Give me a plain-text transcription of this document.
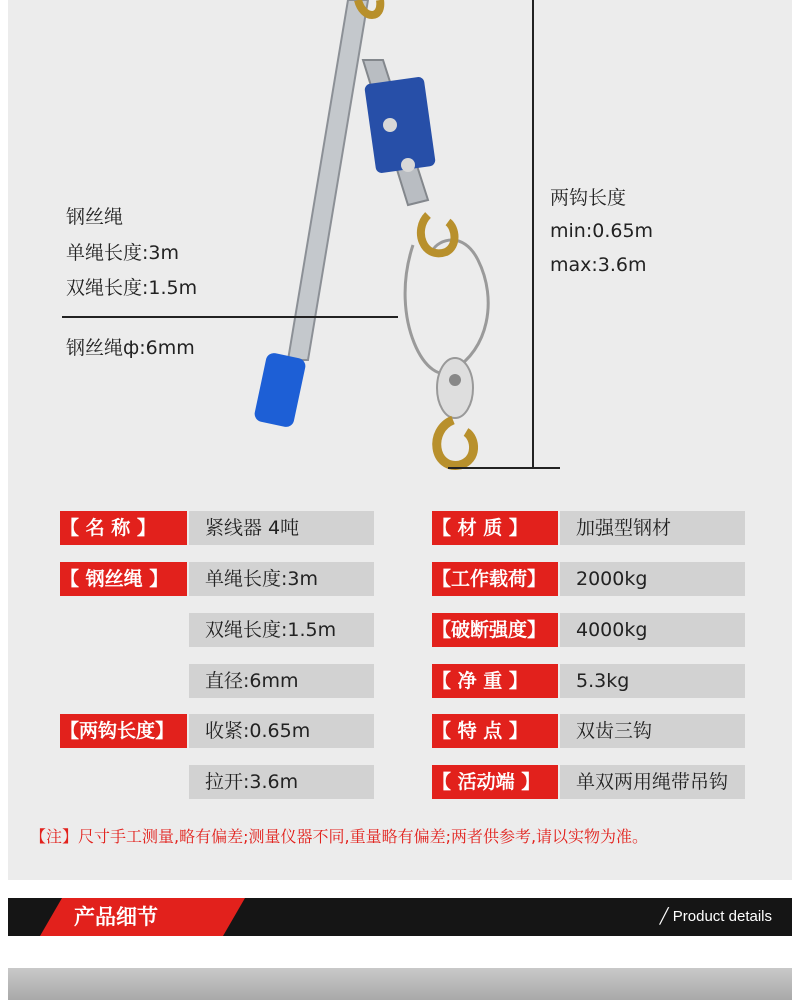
钢丝绳
单绳长度:3m
双绳长度:1.5m
钢丝绳ф:6mm
两钩长度
min:0.65m
max:3.6m
【 名 称 】	紧线器 4吨
【 钢丝绳 】	单绳长度:3m
双绳长度:1.5m
直径:6mm
【两钩长度】	收紧:0.65m
拉开:3.6m
【 材 质 】	加强型钢材
【工作载荷】	2000kg
【破断强度】	4000kg
【 净 重 】	5.3kg
【 特 点 】	双齿三钩
【 活动端 】	单双两用绳带吊钩
【注】尺寸手工测量,略有偏差;测量仪器不同,重量略有偏差;两者供参考,请以实物为准。
产品细节	╱ Product details
